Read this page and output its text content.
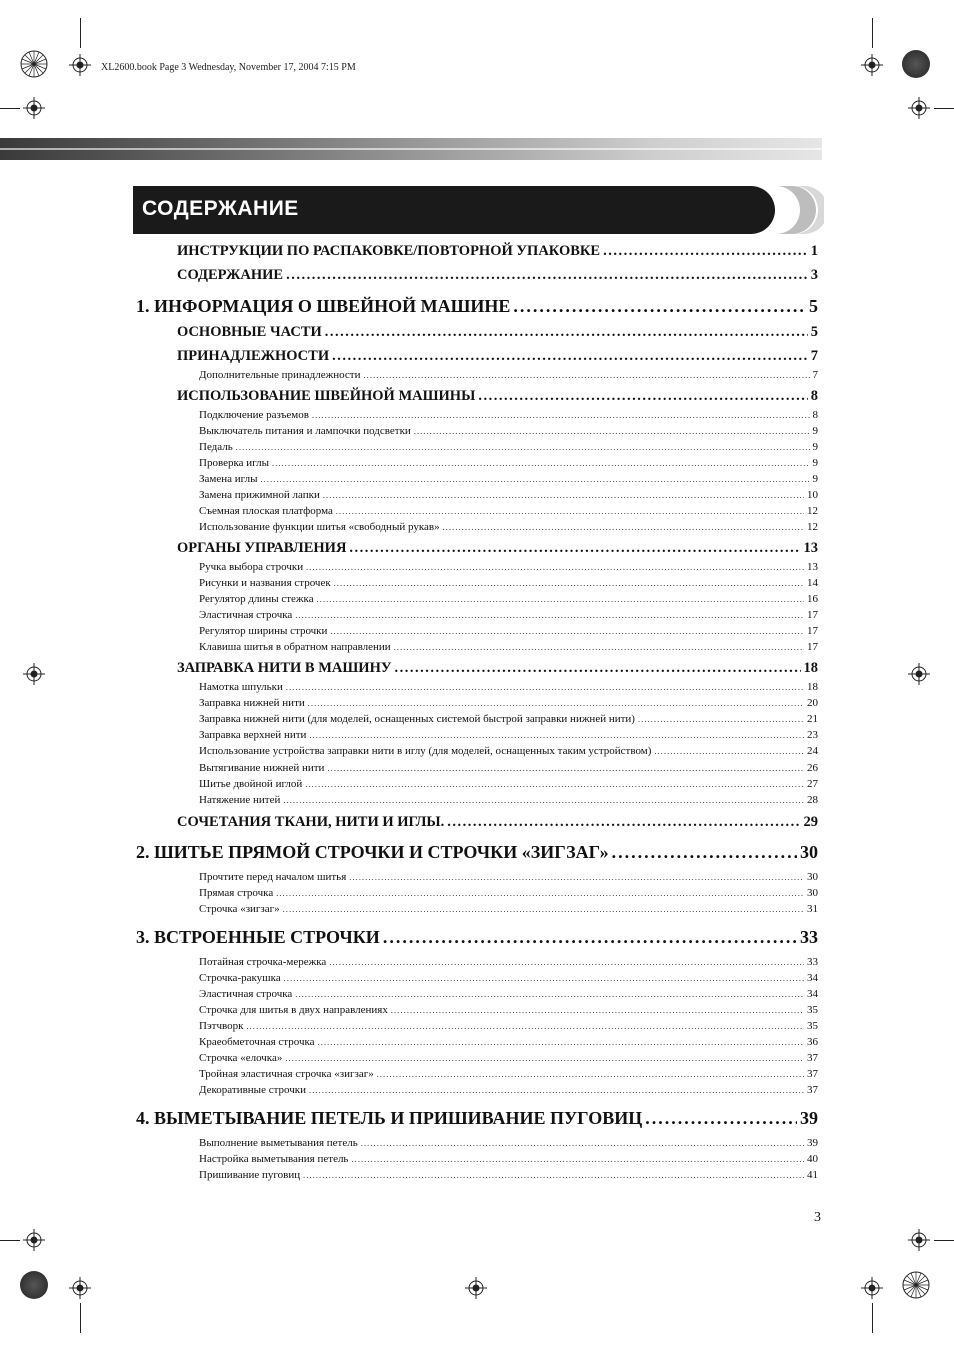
XL2600.book Page 3 Wednesday, November 17, 2004 7:15 PM
СОДЕРЖАНИЕ
ИНСТРУКЦИИ ПО РАСПАКОВКЕ/ПОВТОРНОЙ УПАКОВКЕ .....	1
СОДЕРЖАНИЕ .....	3
1. ИНФОРМАЦИЯ О ШВЕЙНОЙ МАШИНЕ .....	5
ОСНОВНЫЕ ЧАСТИ .....	5
ПРИНАДЛЕЖНОСТИ .....	7
Дополнительные принадлежности .....	7
ИСПОЛЬЗОВАНИЕ ШВЕЙНОЙ МАШИНЫ .....	8
Подключение разъемов .....	8
Выключатель питания и лампочки подсветки .....	9
Педаль .....	9
Проверка иглы .....	9
Замена иглы .....	9
Замена прижимной лапки .....	10
Съемная плоская платформа .....	12
Использование функции шитья «свободный рукав» .....	12
ОРГАНЫ УПРАВЛЕНИЯ .....	13
Ручка выбора строчки .....	13
Рисунки и названия строчек .....	14
Регулятор длины стежка .....	16
Эластичная строчка .....	17
Регулятор ширины строчки .....	17
Клавиша шитья в обратном направлении .....	17
ЗАПРАВКА НИТИ В МАШИНУ .....	18
Намотка шпульки .....	18
Заправка нижней нити .....	20
Заправка нижней нити (для моделей, оснащенных системой быстрой заправки нижней нити) .....	21
Заправка верхней нити .....	23
Использование устройства заправки нити в иглу (для моделей, оснащенных таким устройством) .....	24
Вытягивание нижней нити .....	26
Шитье двойной иглой .....	27
Натяжение нитей .....	28
СОЧЕТАНИЯ ТКАНИ, НИТИ И ИГЛЫ. .....	29
2. ШИТЬЕ ПРЯМОЙ СТРОЧКИ И СТРОЧКИ «ЗИГЗАГ» .....	30
Прочтите перед началом шитья .....	30
Прямая строчка .....	30
Строчка «зигзаг» .....	31
3. ВСТРОЕННЫЕ СТРОЧКИ .....	33
Потайная строчка-мережка .....	33
Строчка-ракушка .....	34
Эластичная строчка .....	34
Строчка для шитья в двух направлениях .....	35
Пэтчворк .....	35
Краеобметочная строчка .....	36
Строчка «елочка» .....	37
Тройная эластичная строчка «зигзаг» .....	37
Декоративные строчки .....	37
4. ВЫМЕТЫВАНИЕ ПЕТЕЛЬ И ПРИШИВАНИЕ ПУГОВИЦ .....	39
Выполнение выметывания петель .....	39
Настройка выметывания петель .....	40
Пришивание пуговиц .....	41
3
